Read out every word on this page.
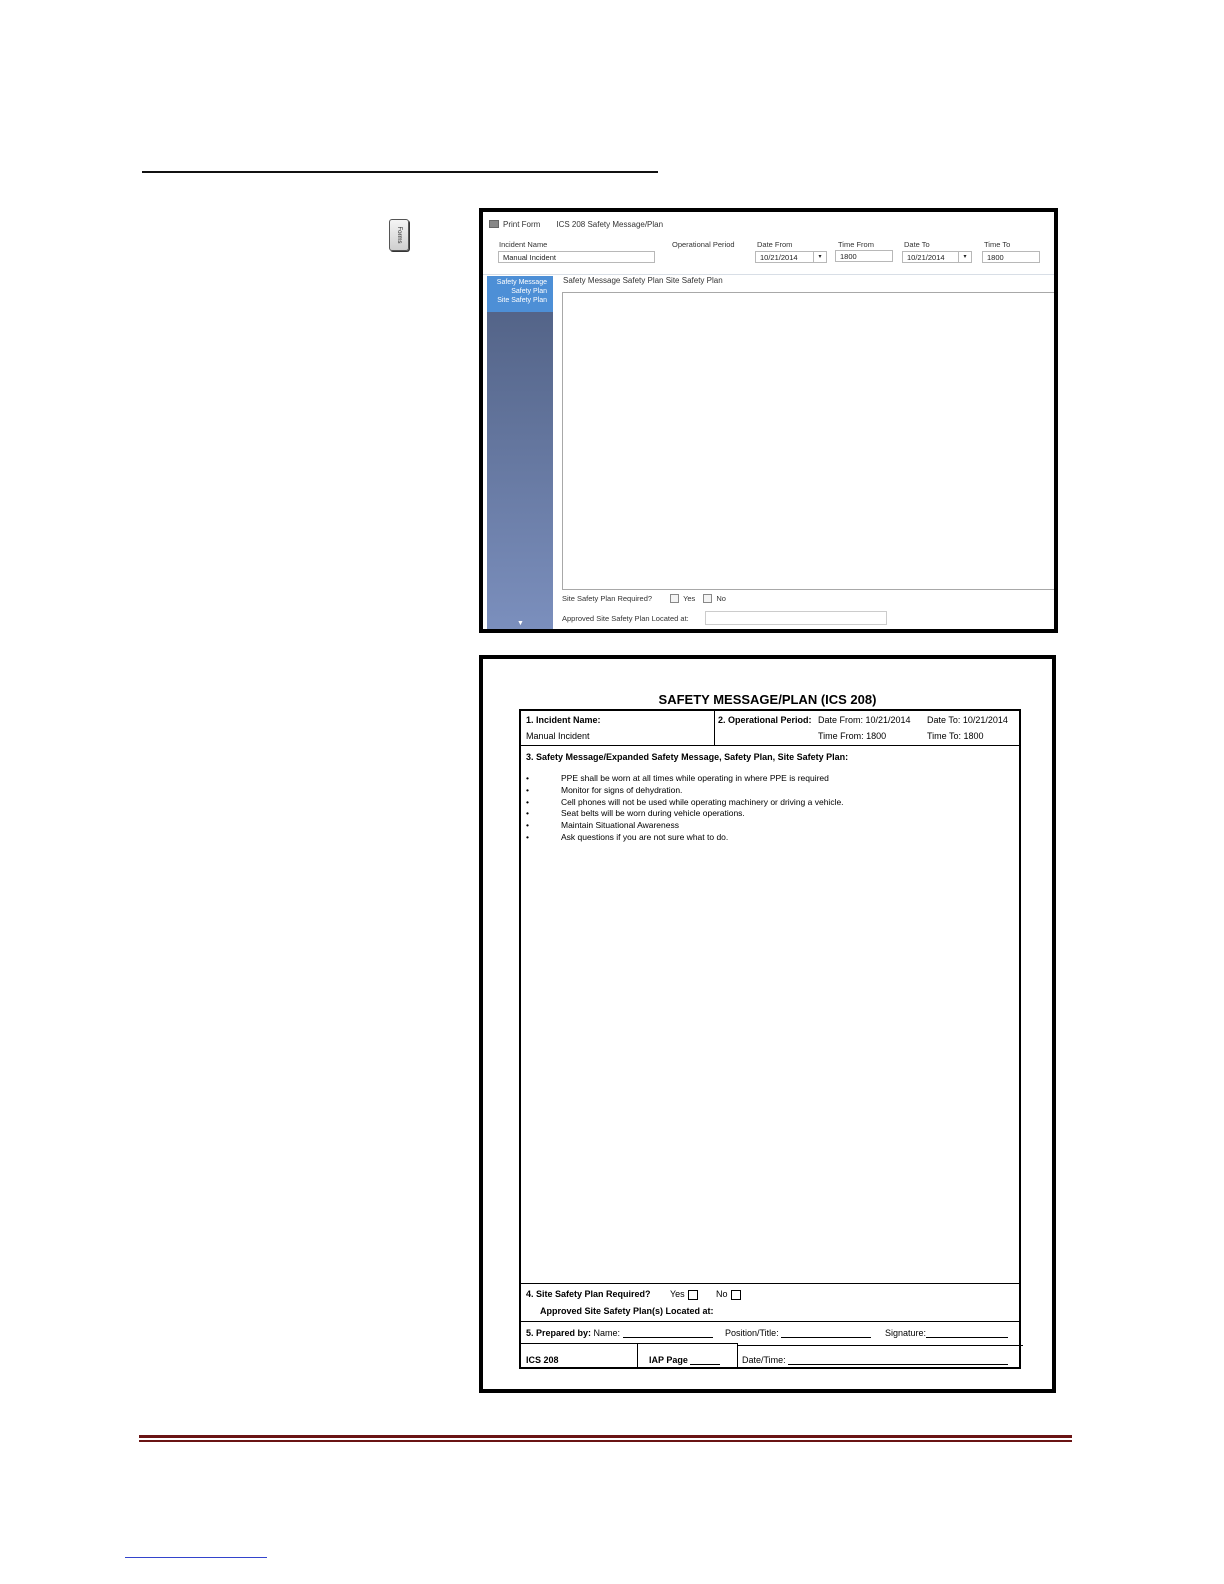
Forms
Print Form ICS 208 Safety Message/Plan
Incident Name
Manual Incident
Operational Period	Date From
10/21/2014	▾
Time From
1800
Date To
10/21/2014	▾
Time To
1800
Safety Message
Safety Plan
Site Safety Plan
▼
Safety Message Safety Plan Site Safety Plan
Site Safety Plan Required?	Yes	No
Approved Site Safety Plan Located at:
SAFETY MESSAGE/PLAN (ICS 208)
1. Incident Name:
Manual Incident
2. Operational Period: Date From: 10/21/2014 Date To: 10/21/2014
Time From: 1800	Time To: 1800
3. Safety Message/Expanded Safety Message, Safety Plan, Site Safety Plan:
•	PPE shall be worn at all times while operating in where PPE is required
•	Monitor for signs of dehydration.
•	Cell phones will not be used while operating machinery or driving a vehicle.
•	Seat belts will be worn during vehicle operations.
•	Maintain Situational Awareness
•	Ask questions if you are not sure what to do.
4. Site Safety Plan Required? Yes	No
Approved Site Safety Plan(s) Located at:
5. Prepared by: Name:	Position/Title:	Signature:
ICS 208	IAP Page	Date/Time:
